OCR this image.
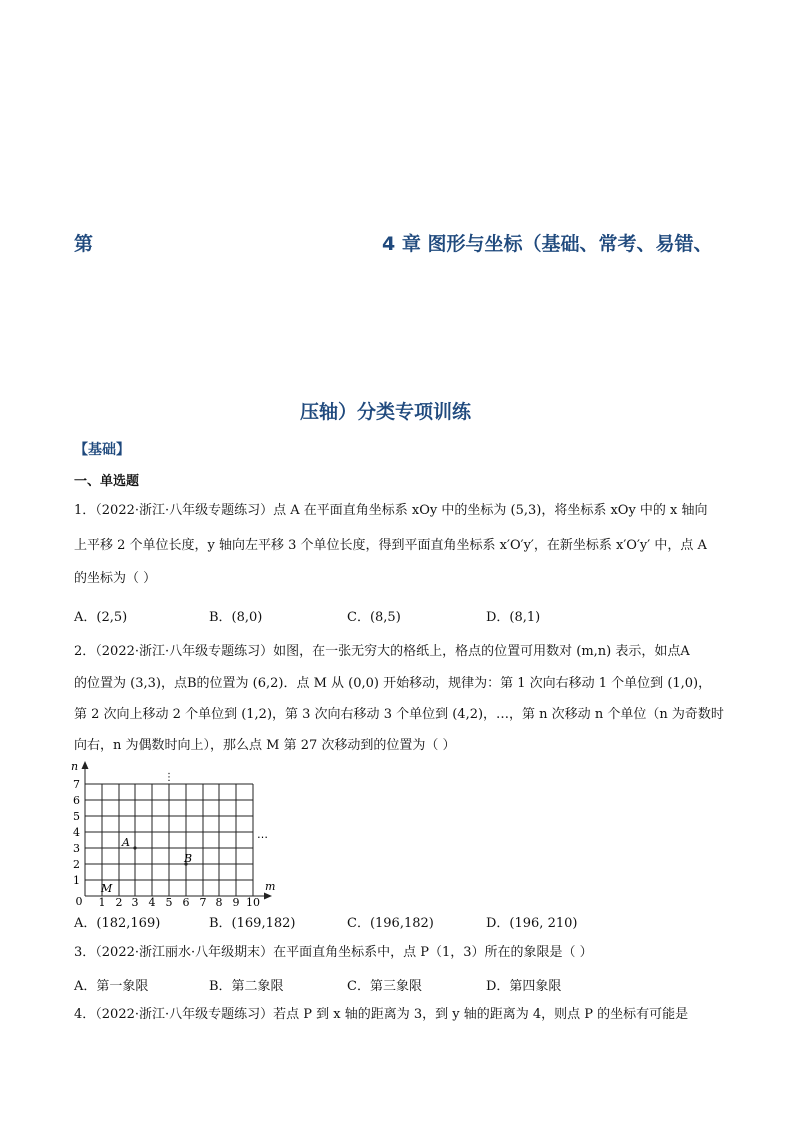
第	4 章 图形与坐标（基础、常考、易错、
压轴）分类专项训练
【基础】
一、单选题
1．（2022·浙江·八年级专题练习）点 A 在平面直角坐标系 xOy 中的坐标为 (5,3)，将坐标系 xOy 中的 x 轴向
上平移 2 个单位长度，y 轴向左平移 3 个单位长度，得到平面直角坐标系 x′O′y′，在新坐标系 x′O′y′ 中，点 A
的坐标为（ ）
A．(2,5)	B．(8,0)	C．(8,5)	D．(8,1)
2．（2022·浙江·八年级专题练习）如图，在一张无穷大的格纸上，格点的位置可用数对 (m,n) 表示，如点A
的位置为 (3,3)，点B的位置为 (6,2)．点 M 从 (0,0) 开始移动，规律为：第 1 次向右移动 1 个单位到 (1,0)，
第 2 次向上移动 2 个单位到 (1,2)，第 3 次向右移动 3 个单位到 (4,2)，…，第 n 次移动 n 个单位（n 为奇数时
向右，n 为偶数时向上），那么点 M 第 27 次移动到的位置为（ ）
n
m
0
1
2
3
4
5
6
7
1 2 3 4 5 6 7 8 9 10
A
B
M
⋮
…
A．(182,169)	B．(169,182)	C．(196,182)	D．(196, 210)
3．（2022·浙江丽水·八年级期末）在平面直角坐标系中，点 P（1，3）所在的象限是（ ）
A．第一象限	B．第二象限	C．第三象限	D．第四象限
4．（2022·浙江·八年级专题练习）若点 P 到 x 轴的距离为 3，到 y 轴的距离为 4，则点 P 的坐标有可能是
